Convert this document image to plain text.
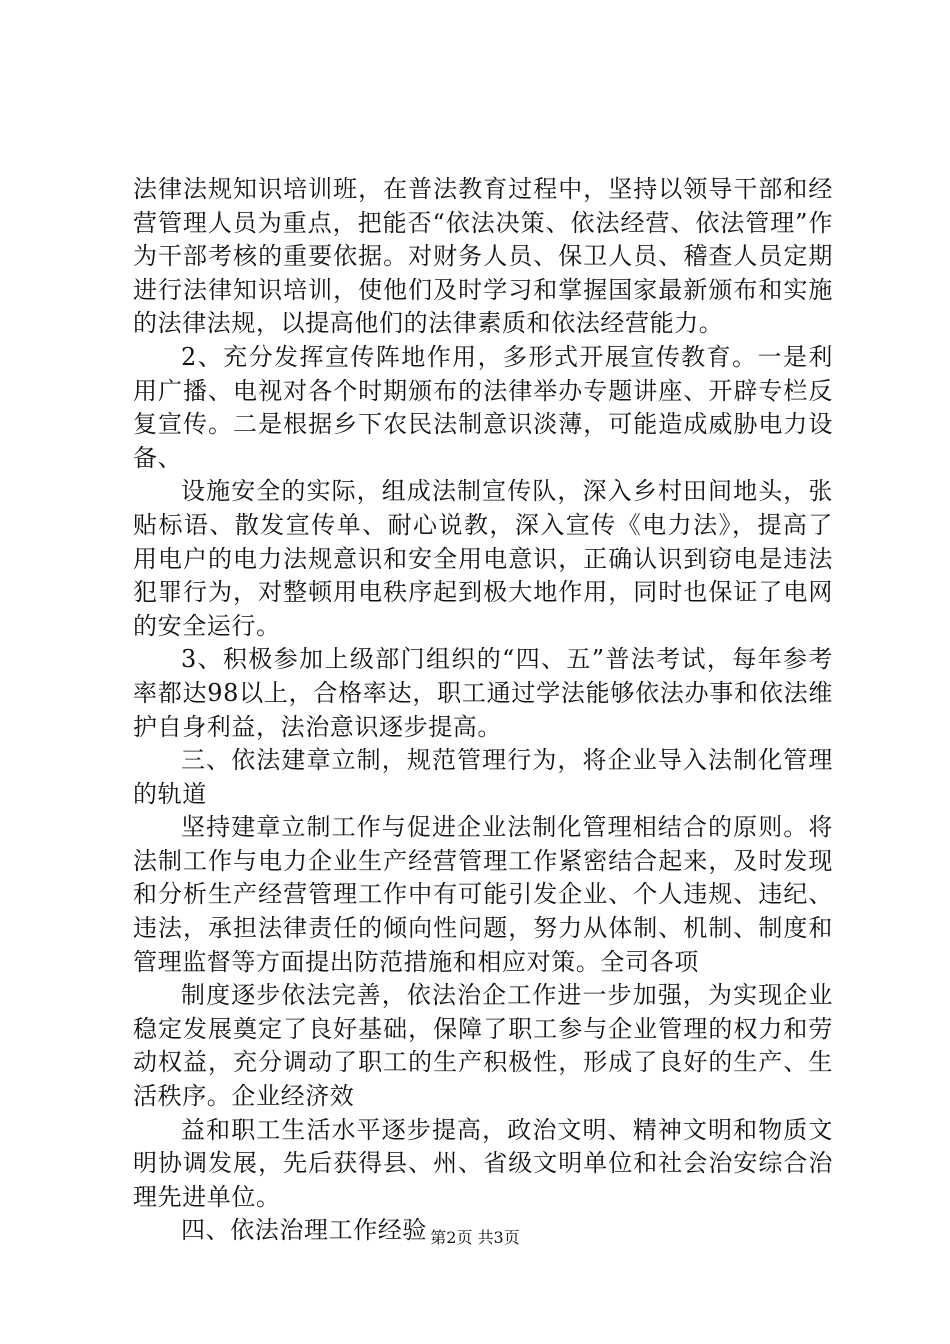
法律法规知识培训班，在普法教育过程中，坚持以领导干部和经营管理人员为重点，把能否“依法决策、依法经营、依法管理”作为干部考核的重要依据。对财务人员、保卫人员、稽查人员定期进行法律知识培训，使他们及时学习和掌握国家最新颁布和实施的法律法规，以提高他们的法律素质和依法经营能力。

2、充分发挥宣传阵地作用，多形式开展宣传教育。一是利用广播、电视对各个时期颁布的法律举办专题讲座、开辟专栏反复宣传。二是根据乡下农民法制意识淡薄，可能造成威胁电力设备、

设施安全的实际，组成法制宣传队，深入乡村田间地头，张贴标语、散发宣传单、耐心说教，深入宣传《电力法》，提高了用电户的电力法规意识和安全用电意识，正确认识到窃电是违法犯罪行为，对整顿用电秩序起到极大地作用，同时也保证了电网的安全运行。

3、积极参加上级部门组织的“四、五”普法考试，每年参考率都达98以上，合格率达，职工通过学法能够依法办事和依法维护自身利益，法治意识逐步提高。

三、依法建章立制，规范管理行为，将企业导入法制化管理的轨道

坚持建章立制工作与促进企业法制化管理相结合的原则。将法制工作与电力企业生产经营管理工作紧密结合起来，及时发现和分析生产经营管理工作中有可能引发企业、个人违规、违纪、违法，承担法律责任的倾向性问题，努力从体制、机制、制度和管理监督等方面提出防范措施和相应对策。全司各项

制度逐步依法完善，依法治企工作进一步加强，为实现企业稳定发展奠定了良好基础，保障了职工参与企业管理的权力和劳动权益，充分调动了职工的生产积极性，形成了良好的生产、生活秩序。企业经济效

益和职工生活水平逐步提高，政治文明、精神文明和物质文明协调发展，先后获得县、州、省级文明单位和社会治安综合治理先进单位。

四、依法治理工作经验 第2页 共3页
